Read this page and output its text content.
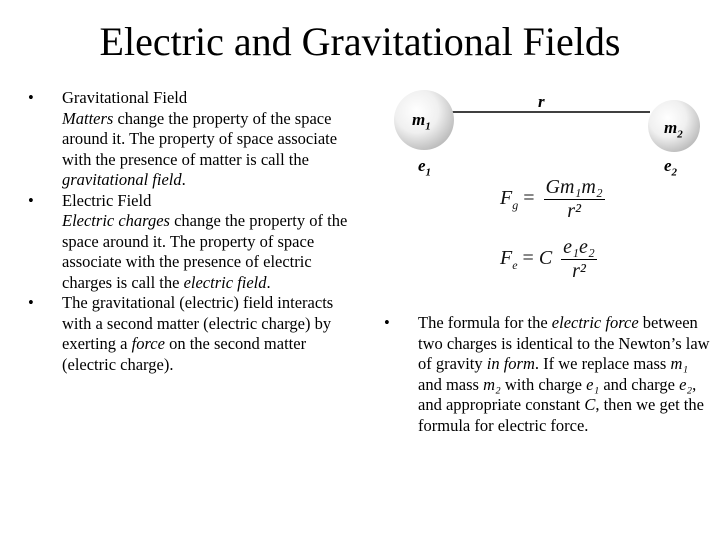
Electric and Gravitational Fields
• Gravitational Field
Matters change the property of the space around it. The property of space associate with the presence of matter is call the gravitational field.
• Electric Field
Electric charges change the property of the space around it. The property of space associate with the presence of electric charges is call the electric field.
• The gravitational (electric) field interacts with a second matter (electric charge) by exerting a force on the second matter (electric charge).
r
$m_1$	$m_2$
$e_1$	$e_2$
$F_g = \frac{\text{Gm₁m₂}}{\text{r²}}$
$F_e = C \frac{\text{e₁e₂}}{\text{r²}}$
• The formula for the electric force between two charges is identical to the Newton’s law of gravity in form. If we replace mass m₁ and mass m₂ with charge e₁ and charge e₂, and appropriate constant C, then we get the formula for electric force.
